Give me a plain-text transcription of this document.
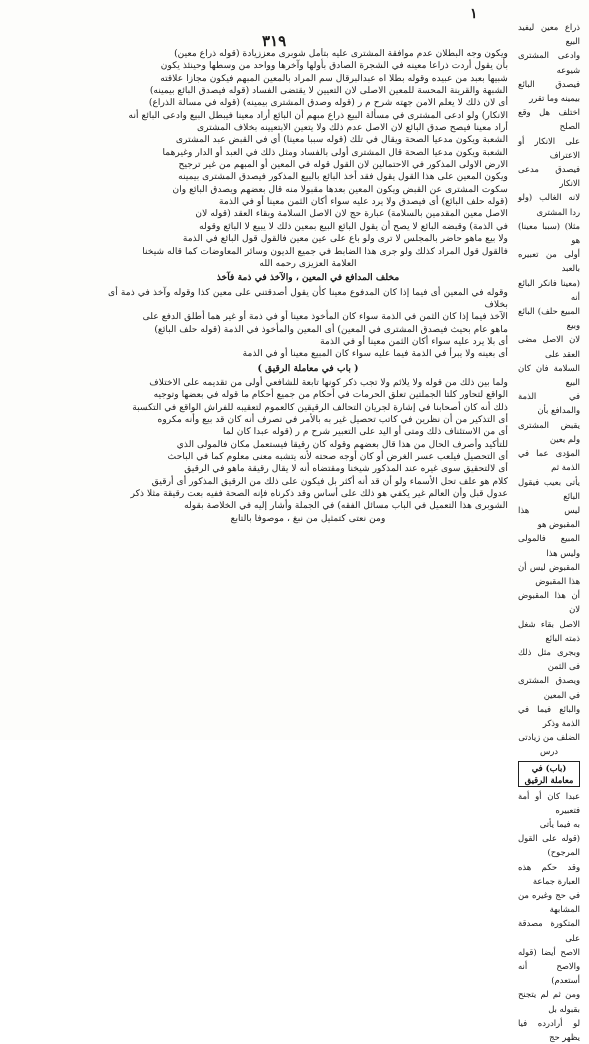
١
٣١٩

ويكون وجه البطلان عدم موافقة المشترى عليه بتأمل شوبرى معززيادة (قوله ذراع معين)

بأن يقول أردت ذراعا معينه في الشجرة الصادق بأولها وآخرها وواحد من وسطها وحينئذ يكون

شبيها بعبد من عبيده وقوله بطلا اه عبدالبرقال سم المراد بالمعين المبهم فيكون مجازا علاقته

الشبهة والقرينة المحسة للمعين الاصلى لان التعيين لا يقتضى الفساد (قوله فيصدق البائع بيمينه)

أى لان ذلك لا يعلم الامن جهته شرح م ر (قوله وصدق المشترى بيمينه) (قوله في مسالة الذراع)

الانكار) ولو ادعى المشترى في مسألة البيع ذراع مبهم أن البائع أراد معينا فيبطل البيع وادعى البائع أنه

أراد معينا فيصح صدق البائع لان الاصل عدم ذلك ولا يتعين الابتعيينه بخلاف المشترى

الشعبة ويكون مدعيا الصحة ويقال في تلك (قوله سببا معينا) أي في القبض عبد المشترى

الشعبة ويكون مدعيا الصحة قال المشترى أولى بالفساد ومثل ذلك في العبد أو الدار وغيرهما

الارض الاولى المذكور في الاحتمالين لان القول قوله في المعين أو المبهم من غير ترجيح

ويكون المعين على هذا القول يقول فقد أخذ البائع بالبيع المذكور فيصدق المشترى بيمينه

سكوت المشترى عن القبض ويكون المعين بعدها مقبولا منه قال بعضهم ويصدق البائع وان

(قوله حلف البائع) أى فيصدق ولا يرد عليه سواء أكان الثمن معينا أو في الذمة

الاصل معين المقدمين بالسلامة) عبارة حج لان الاصل السلامة وبقاء العقد (قوله لان

في الذمة) وقبضه البائع لا يصح أن يقول البائع البيع بمعين ذلك لا يبيع لا البائع وقوله

ولا بيع ماهو حاضر بالمجلس لا ترى ولو باع على عين معين فالقول قول البائع في الذمة

فالقول قول المراد كذلك ولو جرى هذا الضابط في جميع الديون وسائر المعاوضات كما قاله شيخنا

العلامة العزيزى رحمه الله

مخلف المدافع في المعين ، والآخذ في ذمة فآخذ

وقوله في المعين أى فيما إذا كان المدفوع معينا كأن يقول أصدقتني على معين كذا وقوله وآخذ في ذمة أى بخلاف

الآخذ فيما إذا كان الثمن في الذمة سواء كان المأخوذ معينا أو في ذمة أو غير هما أطلق الدفع على

ماهو عام بحيث فيصدق المشترى في المعين) أى المعين والمأخوذ في الذمة (قوله حلف البائع)

أى بلا يرد عليه سواء أكان الثمن معينا أو في الذمة

أى بعينه ولا يبرأ في الذمة فيما عليه سواء كان المبيع معينا أو في الذمة

( باب في معاملة الرقيق )

ولما بين ذلك من قوله ولا يلائم ولا تجب ذكر كونها تابعة للشافعي أولى من تقديمه على الاختلاف

الواقع لتحاور كلتا الجملتين تعلق الحرمات في أحكام من جميع أحكام ما قوله في بعضها وتوجيه

ذلك أنه كان أصحابنا في إشارة لجريان التحالف الرقيقين كالعموم لتعقيبه للفراش الواقع في التكسبة

أى التذكير من أن نظرين في كاتب تحصيل غير به بالأمر في تصرف أنه كان قد بيع وأنه مكروه

أى من الاستئناف ذلك ومتى أو اليد على التعبير شرح م ر (قوله عبدا كان لما

للتأكيد وأصرف الحال من هذا قال بعضهم وقوله كان رقيقا فيستعمل مكان فالمولى الذي

أى التحصيل فيلعب عسر الغرض أو كان أوجه صحته لأنه يتشبه معنى معلوم كما في الباحث

أى لالتحقيق سوى غيره عند المذكور شيخنا ومقتضاه أنه لا يقال رقيقة ماهو في الرقيق

كلام هو علف تحل الأسماء ولو أن قد أنه أكثر بل فيكون على ذلك من الرقيق المذكور أى أرقيق

عدول قبل وأن العالم غير يكفي هو ذلك على أساس وقد ذكرناه فإنه الصحة ففيه بعت رقيقة مثلا ذكر

الشوبرى هذا التعميل في الباب مسائل الفقه) في الجملة وأشار إليه في الخلاصة بقوله

ومن نعتى كتمثيل من نبغ ، موصوفا بالتابع

ذراع معين ليفيد البيع

وادعى المشترى شيوعه

فيصدق البائع بيمينه وما تقرر

اختلف هل وقع الصلح

على الانكار أو الاعتراف

فيصدق مدعى الانكار

لانه الغالب (ولو ردا المشترى

مثلا) (سببا معينا) هو

أولى من تعبيره بالعبد

(معينا فانكر البائع أنه

المبيع حلف) البائع وبيع

لان الاصل مضى العقد على

السلامة فان كان البيع

في الذمة والمدافع بأن

يقبض المشترى ولم يعين

المؤدى عما في الذمة ثم

يأتى بعيب فيقول البائع

ليس هذا المقبوض هو

المبيع فالمولى وليس هذا

المقبوض ليس أن هذا المقبوض

أن هذا المقبوض لان

الاصل بقاء شغل ذمته البائع

وبجرى مثل ذلك فى الثمن

ويصدق المشترى في المعين

والبائع فيما في الذمة وذكر

الضلف من زيادتى

درس

(باب) في معاملة الرقيق

عبدا كان أو أمة فتعبيره

به فيما يأتى

(قوله على القول المرجوح)

وقد حكم هذه العبارة جماعة

في حج وغيره من المشابهة

المتكورة مصدقة على

الاصح أيضا (قوله والاصح أنه أستعدم)

ومن ثم لم يتجنح بقبوله بل

لو أرادرده فيا يظهر حج
